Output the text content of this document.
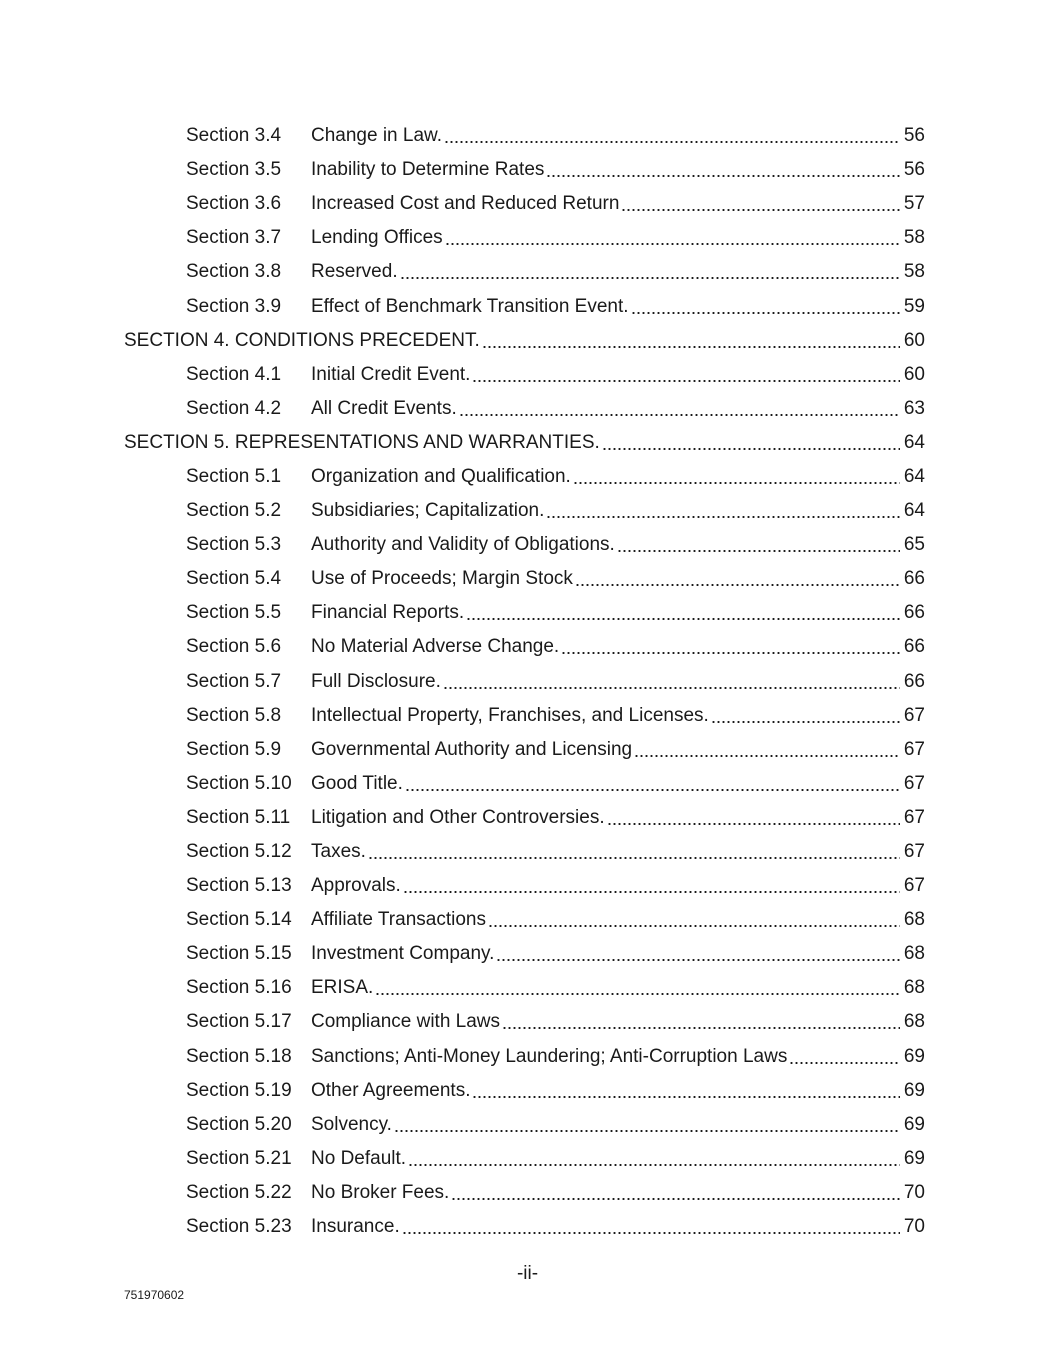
Section 3.4	Change in Law.	56
Section 3.5	Inability to Determine Rates	56
Section 3.6	Increased Cost and Reduced Return	57
Section 3.7	Lending Offices	58
Section 3.8	Reserved.	58
Section 3.9	Effect of Benchmark Transition Event.	59
SECTION 4. CONDITIONS PRECEDENT.	60
Section 4.1	Initial Credit Event.	60
Section 4.2	All Credit Events.	63
SECTION 5. REPRESENTATIONS AND WARRANTIES.	64
Section 5.1	Organization and Qualification.	64
Section 5.2	Subsidiaries; Capitalization.	64
Section 5.3	Authority and Validity of Obligations.	65
Section 5.4	Use of Proceeds; Margin Stock	66
Section 5.5	Financial Reports.	66
Section 5.6	No Material Adverse Change.	66
Section 5.7	Full Disclosure.	66
Section 5.8	Intellectual Property, Franchises, and Licenses.	67
Section 5.9	Governmental Authority and Licensing	67
Section 5.10	Good Title.	67
Section 5.11	Litigation and Other Controversies.	67
Section 5.12	Taxes.	67
Section 5.13	Approvals.	67
Section 5.14	Affiliate Transactions	68
Section 5.15	Investment Company.	68
Section 5.16	ERISA.	68
Section 5.17	Compliance with Laws	68
Section 5.18	Sanctions; Anti-Money Laundering; Anti-Corruption Laws	69
Section 5.19	Other Agreements.	69
Section 5.20	Solvency.	69
Section 5.21	No Default.	69
Section 5.22	No Broker Fees.	70
Section 5.23	Insurance.	70
-ii-
751970602
